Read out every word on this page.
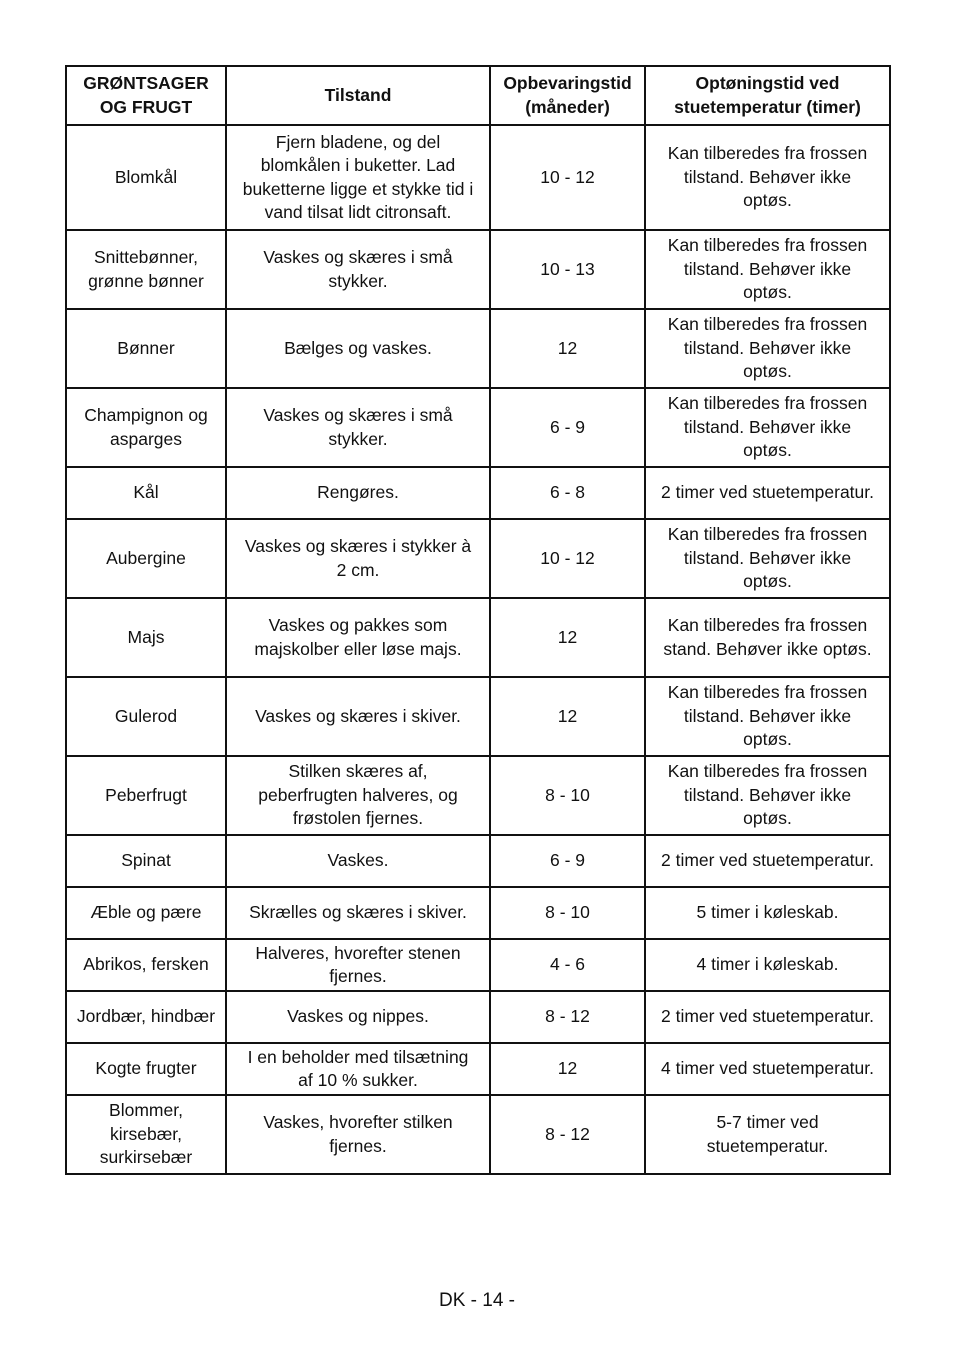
GRØNTSAGER
OG FRUGT	Tilstand	Opbevaringstid
(måneder)	Optøningstid ved
stuetemperatur (timer)
Blomkål	Fjern bladene, og del
blomkålen i buketter. Lad
buketterne ligge et stykke tid i
vand tilsat lidt citronsaft.	10 - 12	Kan tilberedes fra frossen
tilstand. Behøver ikke
optøs.
Snittebønner,
grønne bønner	Vaskes og skæres i små
stykker.	10 - 13	Kan tilberedes fra frossen
tilstand. Behøver ikke
optøs.
Bønner	Bælges og vaskes.	12	Kan tilberedes fra frossen
tilstand. Behøver ikke
optøs.
Champignon og
asparges	Vaskes og skæres i små
stykker.	6 - 9	Kan tilberedes fra frossen
tilstand. Behøver ikke
optøs.
Kål	Rengøres.	6 - 8	2 timer ved stuetemperatur.
Aubergine	Vaskes og skæres i stykker à
2 cm.	10 - 12	Kan tilberedes fra frossen
tilstand. Behøver ikke
optøs.
Majs	Vaskes og pakkes som
majskolber eller løse majs.	12	Kan tilberedes fra frossen
stand. Behøver ikke optøs.
Gulerod	Vaskes og skæres i skiver.	12	Kan tilberedes fra frossen
tilstand. Behøver ikke
optøs.
Peberfrugt	Stilken skæres af,
peberfrugten halveres, og
frøstolen fjernes.	8 - 10	Kan tilberedes fra frossen
tilstand. Behøver ikke
optøs.
Spinat	Vaskes.	6 - 9	2 timer ved stuetemperatur.
Æble og pære	Skrælles og skæres i skiver.	8 - 10	5 timer i køleskab.
Abrikos, fersken	Halveres, hvorefter stenen
fjernes.	4 - 6	4 timer i køleskab.
Jordbær, hindbær	Vaskes og nippes.	8 - 12	2 timer ved stuetemperatur.
Kogte frugter	I en beholder med tilsætning
af 10 % sukker.	12	4 timer ved stuetemperatur.
Blommer,
kirsebær,
surkirsebær	Vaskes, hvorefter stilken
fjernes.	8 - 12	5-7 timer ved
stuetemperatur.
DK - 14 -
